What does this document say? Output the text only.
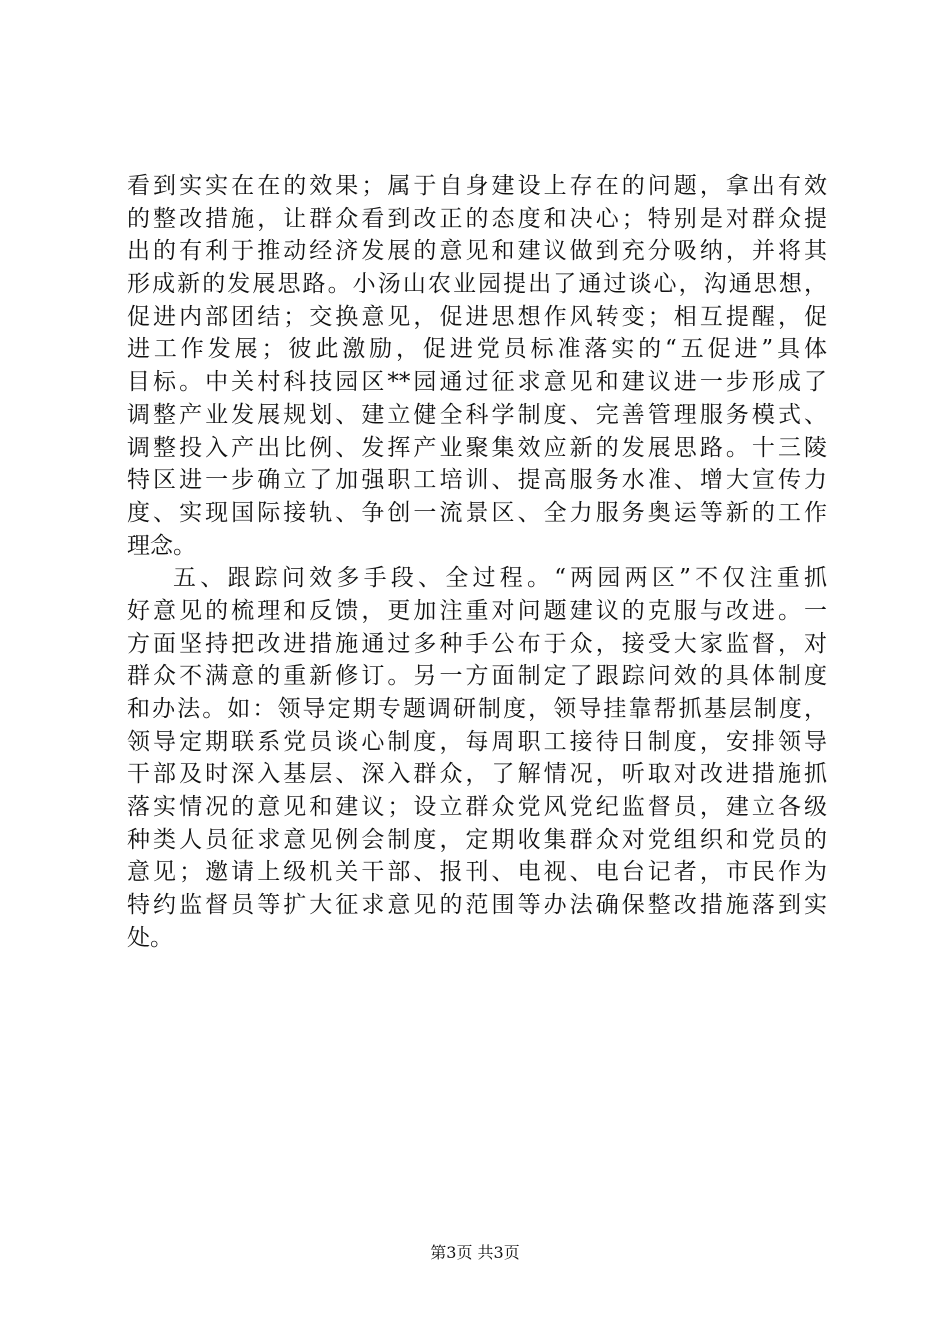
看到实实在在的效果；属于自身建设上存在的问题，拿出有效
的整改措施，让群众看到改正的态度和决心；特别是对群众提
出的有利于推动经济发展的意见和建议做到充分吸纳，并将其
形成新的发展思路。小汤山农业园提出了通过谈心，沟通思想，
促进内部团结；交换意见，促进思想作风转变；相互提醒，促
进工作发展；彼此激励，促进党员标准落实的“五促进”具体
目标。中关村科技园区**园通过征求意见和建议进一步形成了
调整产业发展规划、建立健全科学制度、完善管理服务模式、
调整投入产出比例、发挥产业聚集效应新的发展思路。十三陵
特区进一步确立了加强职工培训、提高服务水准、增大宣传力
度、实现国际接轨、争创一流景区、全力服务奥运等新的工作
理念。
五、跟踪问效多手段、全过程。“两园两区”不仅注重抓
好意见的梳理和反馈，更加注重对问题建议的克服与改进。一
方面坚持把改进措施通过多种手公布于众，接受大家监督，对
群众不满意的重新修订。另一方面制定了跟踪问效的具体制度
和办法。如：领导定期专题调研制度，领导挂靠帮抓基层制度，
领导定期联系党员谈心制度，每周职工接待日制度，安排领导
干部及时深入基层、深入群众，了解情况，听取对改进措施抓
落实情况的意见和建议；设立群众党风党纪监督员，建立各级
种类人员征求意见例会制度，定期收集群众对党组织和党员的
意见；邀请上级机关干部、报刊、电视、电台记者，市民作为
特约监督员等扩大征求意见的范围等办法确保整改措施落到实
处。
第3页 共3页
